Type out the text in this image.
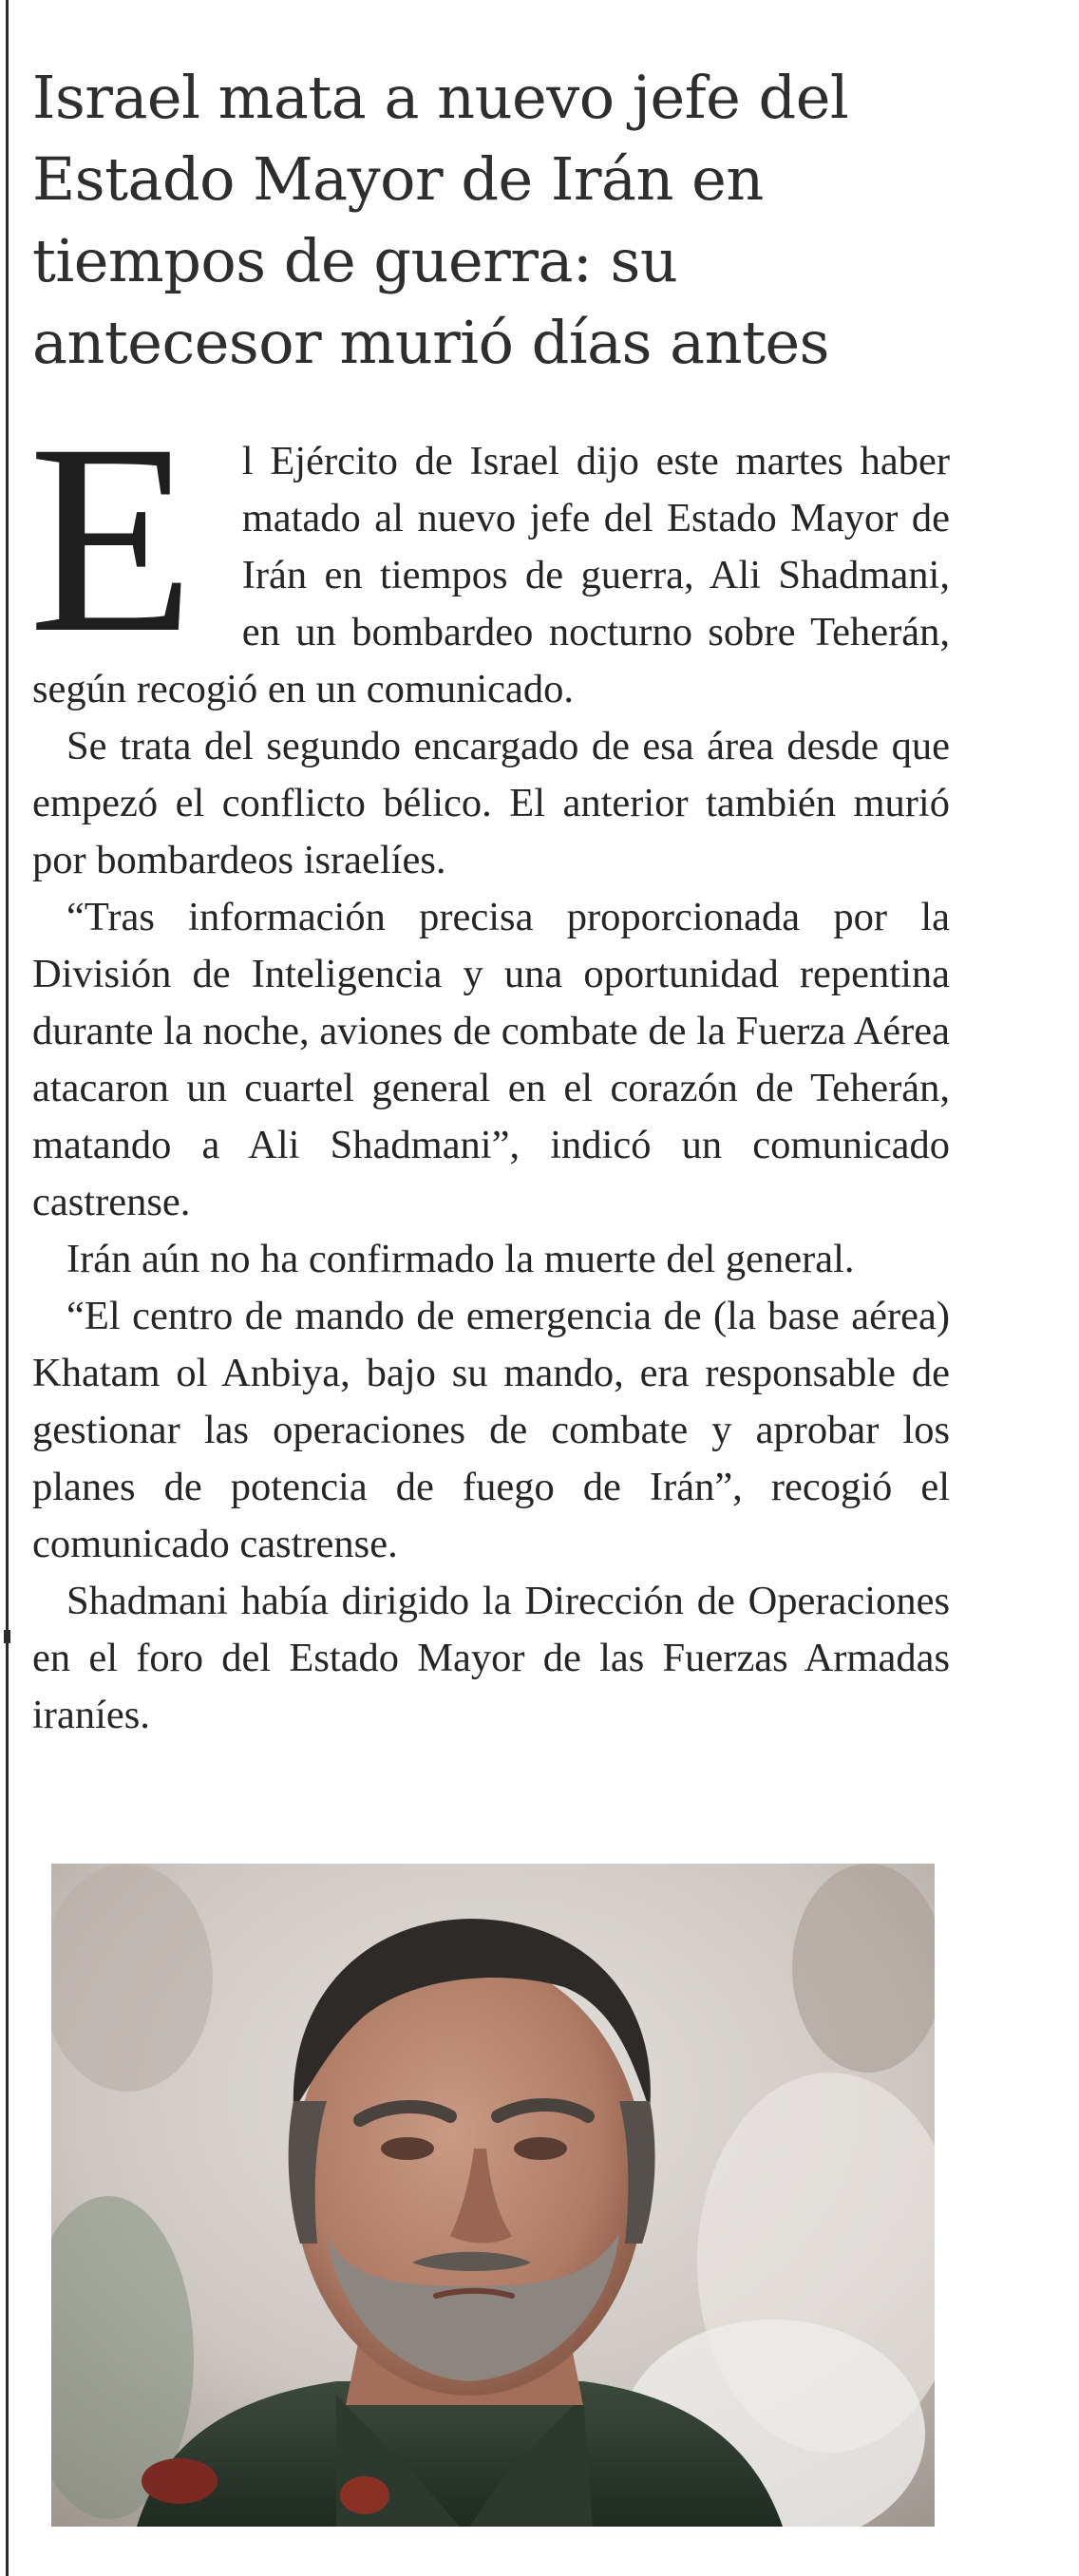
Israel mata a nuevo jefe del Estado Mayor de Irán en tiempos de guerra: su antecesor murió días antes

E l Ejército de Israel dijo este martes haber matado al nuevo jefe del Estado Mayor de Irán en tiempos de guerra, Ali Shadmani, en un bombardeo nocturno sobre Teherán, según recogió en un comunicado.

Se trata del segundo encargado de esa área desde que empezó el conflicto bélico. El anterior también murió por bombardeos israelíes.

“Tras información precisa proporcionada por la División de Inteligencia y una oportunidad repentina durante la noche, aviones de combate de la Fuerza Aérea atacaron un cuartel general en el corazón de Teherán, matando a Ali Shadmani”, indicó un comunicado castrense.

Irán aún no ha confirmado la muerte del general.

“El centro de mando de emergencia de (la base aérea) Khatam ol Anbiya, bajo su mando, era responsable de gestionar las operaciones de combate y aprobar los planes de potencia de fuego de Irán”, recogió el comunicado castrense.

Shadmani había dirigido la Dirección de Operaciones en el foro del Estado Mayor de las Fuerzas Armadas iraníes.
